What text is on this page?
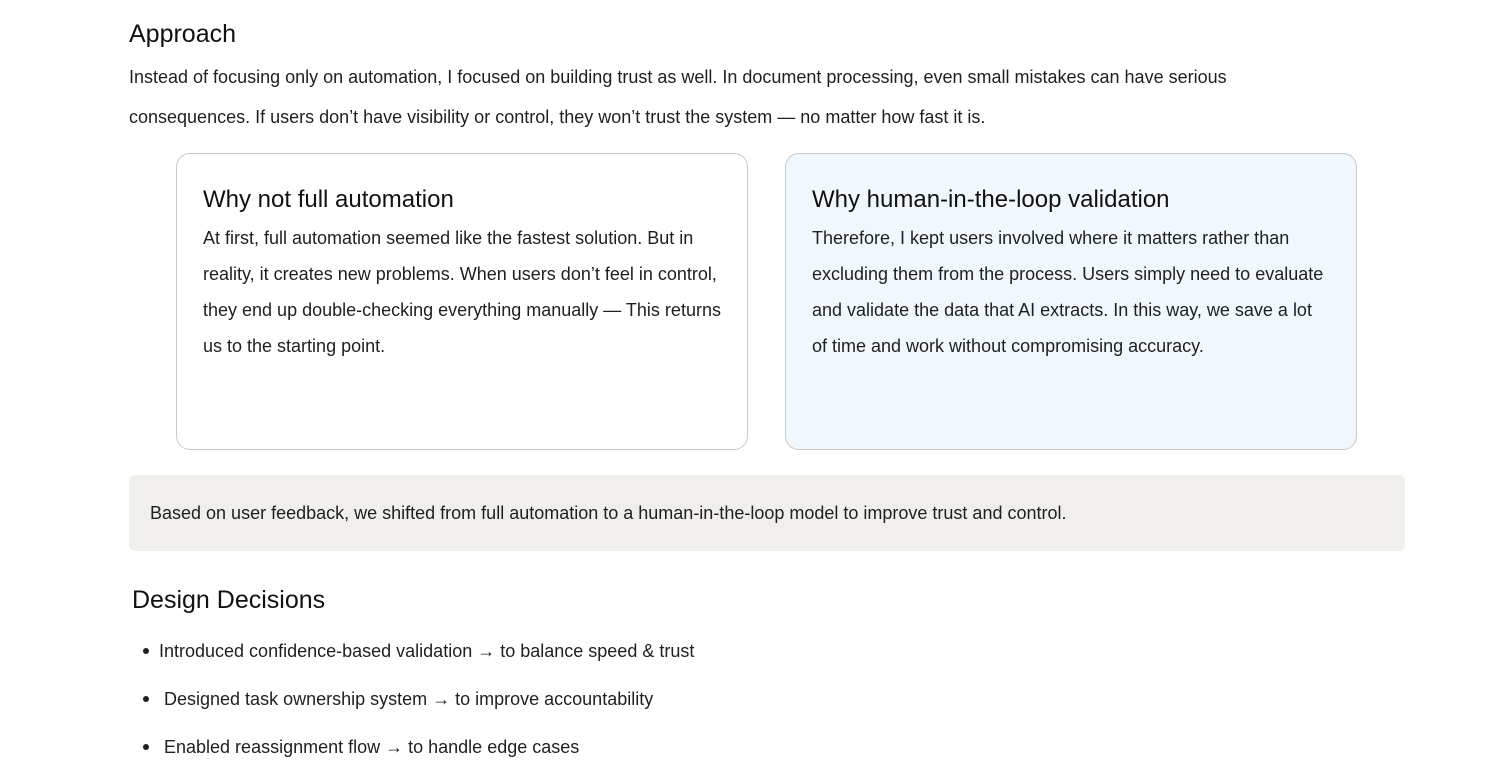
Approach

Instead of focusing only on automation, I focused on building trust as well. In document processing, even small mistakes can have serious consequences. If users don’t have visibility or control, they won’t trust the system — no matter how fast it is.

Why not full automation

At first, full automation seemed like the fastest solution. But in reality, it creates new problems. When users don’t feel in control, they end up double-checking everything manually — This returns us to the starting point.

Why human-in-the-loop validation

Therefore, I kept users involved where it matters rather than excluding them from the process. Users simply need to evaluate and validate the data that AI extracts. In this way, we save a lot of time and work without compromising accuracy.

Based on user feedback, we shifted from full automation to a human-in-the-loop model to improve trust and control.
Design Decisions
Introduced confidence-based validation → to balance speed & trust
Designed task ownership system → to improve accountability
Enabled reassignment flow → to handle edge cases
